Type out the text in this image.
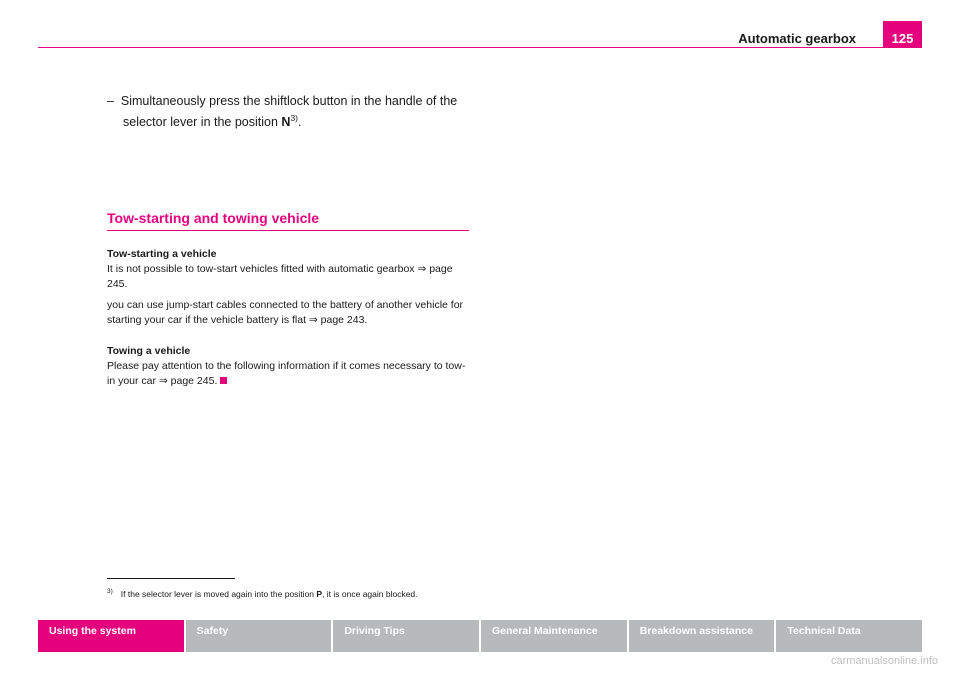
Automatic gearbox	125

– Simultaneously press the shiftlock button in the handle of the selector lever in the position $N^{3)}$.

Tow-starting and towing vehicle
Tow-starting a vehicle

It is not possible to tow-start vehicles fitted with automatic gearbox ⇒ page 245.

you can use jump-start cables connected to the battery of another vehicle for starting your car if the vehicle battery is flat ⇒ page 243.

Towing a vehicle

Please pay attention to the following information if it comes necessary to tow-in your car ⇒ page 245.

$^{3)}$ If the selector lever is moved again into the position P, it is once again blocked.
Using the system	Safety	Driving Tips	General Maintenance	Breakdown assistance	Technical Data
carmanualsonline.info
